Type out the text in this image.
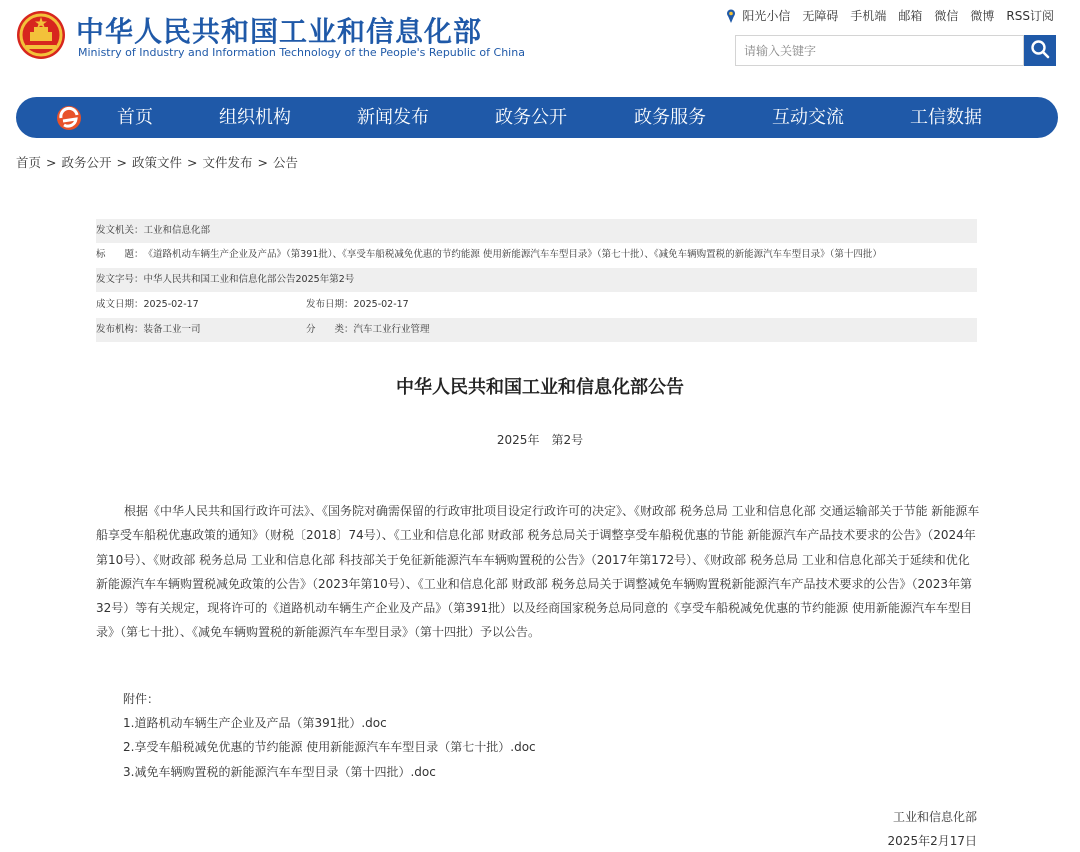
中华人民共和国工业和信息化部
Ministry of Industry and Information Technology of the People's Republic of China
阳光小信 无障碍 手机端 邮箱 微信 微博 RSS订阅
请输入关键字
首页	组织机构	新闻发布	政务公开	政务服务	互动交流	工信数据
首页 > 政务公开 > 政策文件 > 文件发布 > 公告
发文机关：工业和信息化部
标　　题：《道路机动车辆生产企业及产品》（第391批）、《享受车船税减免优惠的节约能源 使用新能源汽车车型目录》（第七十批）、《减免车辆购置税的新能源汽车车型目录》（第十四批）
发文字号：中华人民共和国工业和信息化部公告2025年第2号
成文日期：2025-02-17	发布日期：2025-02-17
发布机构：装备工业一司	分　　类：汽车工业行业管理
中华人民共和国工业和信息化部公告
2025年　第2号
根据《中华人民共和国行政许可法》、《国务院对确需保留的行政审批项目设定行政许可的决定》、《财政部 税务总局 工业和信息化部 交通运输部关于节能 新能源车船享受车船税优惠政策的通知》（财税〔2018〕74号）、《工业和信息化部 财政部 税务总局关于调整享受车船税优惠的节能 新能源汽车产品技术要求的公告》（2024年第10号）、《财政部 税务总局 工业和信息化部 科技部关于免征新能源汽车车辆购置税的公告》（2017年第172号）、《财政部 税务总局 工业和信息化部关于延续和优化新能源汽车车辆购置税减免政策的公告》（2023年第10号）、《工业和信息化部 财政部 税务总局关于调整减免车辆购置税新能源汽车产品技术要求的公告》（2023年第32号）等有关规定，现将许可的《道路机动车辆生产企业及产品》（第391批）以及经商国家税务总局同意的《享受车船税减免优惠的节约能源 使用新能源汽车车型目录》（第七十批）、《减免车辆购置税的新能源汽车车型目录》（第十四批）予以公告。
附件：
1.道路机动车辆生产企业及产品（第391批）.doc
2.享受车船税减免优惠的节约能源 使用新能源汽车车型目录（第七十批）.doc
3.减免车辆购置税的新能源汽车车型目录（第十四批）.doc
工业和信息化部
2025年2月17日
